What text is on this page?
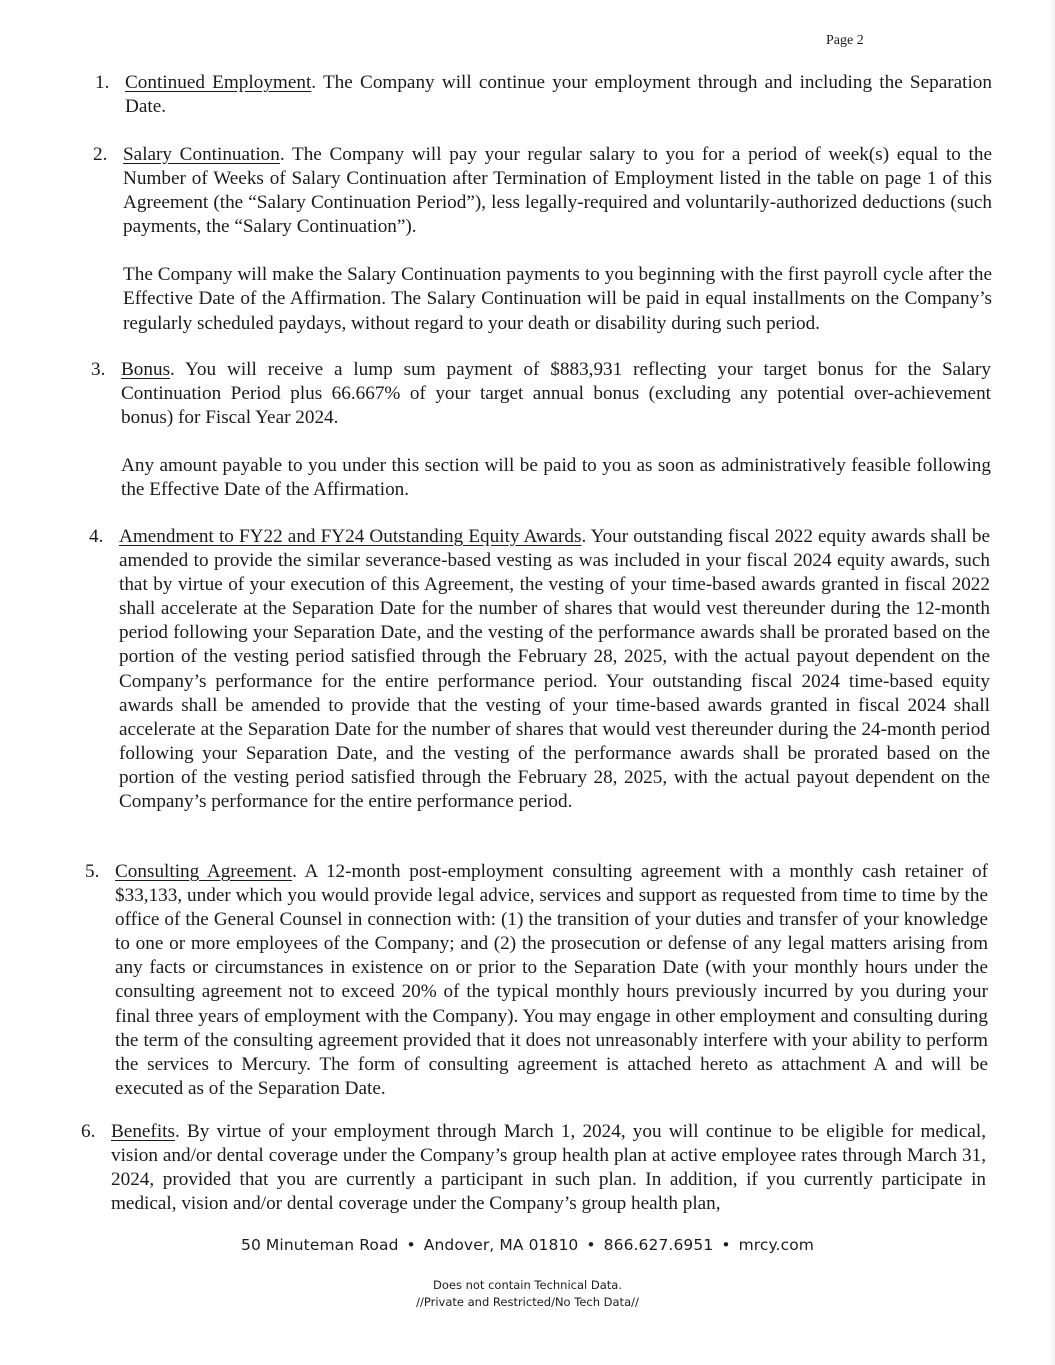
Page 2
1. Continued Employment. The Company will continue your employment through and including the Separation Date.

2. Salary Continuation. The Company will pay your regular salary to you for a period of week(s) equal to the Number of Weeks of Salary Continuation after Termination of Employment listed in the table on page 1 of this Agreement (the “Salary Continuation Period”), less legally-required and voluntarily-authorized deductions (such payments, the “Salary Continuation”).

The Company will make the Salary Continuation payments to you beginning with the first payroll cycle after the Effective Date of the Affirmation. The Salary Continuation will be paid in equal installments on the Company’s regularly scheduled paydays, without regard to your death or disability during such period.

3. Bonus. You will receive a lump sum payment of $883,931 reflecting your target bonus for the Salary Continuation Period plus 66.667% of your target annual bonus (excluding any potential over-achievement bonus) for Fiscal Year 2024.

Any amount payable to you under this section will be paid to you as soon as administratively feasible following the Effective Date of the Affirmation.

4. Amendment to FY22 and FY24 Outstanding Equity Awards. Your outstanding fiscal 2022 equity awards shall be amended to provide the similar severance-based vesting as was included in your fiscal 2024 equity awards, such that by virtue of your execution of this Agreement, the vesting of your time-based awards granted in fiscal 2022 shall accelerate at the Separation Date for the number of shares that would vest thereunder during the 12-month period following your Separation Date, and the vesting of the performance awards shall be prorated based on the portion of the vesting period satisfied through the February 28, 2025, with the actual payout dependent on the Company’s performance for the entire performance period. Your outstanding fiscal 2024 time-based equity awards shall be amended to provide that the vesting of your time-based awards granted in fiscal 2024 shall accelerate at the Separation Date for the number of shares that would vest thereunder during the 24-month period following your Separation Date, and the vesting of the performance awards shall be prorated based on the portion of the vesting period satisfied through the February 28, 2025, with the actual payout dependent on the Company’s performance for the entire performance period.

5. Consulting Agreement. A 12-month post-employment consulting agreement with a monthly cash retainer of $33,133, under which you would provide legal advice, services and support as requested from time to time by the office of the General Counsel in connection with: (1) the transition of your duties and transfer of your knowledge to one or more employees of the Company; and (2) the prosecution or defense of any legal matters arising from any facts or circumstances in existence on or prior to the Separation Date (with your monthly hours under the consulting agreement not to exceed 20% of the typical monthly hours previously incurred by you during your final three years of employment with the Company). You may engage in other employment and consulting during the term of the consulting agreement provided that it does not unreasonably interfere with your ability to perform the services to Mercury. The form of consulting agreement is attached hereto as attachment A and will be executed as of the Separation Date.

6. Benefits. By virtue of your employment through March 1, 2024, you will continue to be eligible for medical, vision and/or dental coverage under the Company’s group health plan at active employee rates through March 31, 2024, provided that you are currently a participant in such plan. In addition, if you currently participate in medical, vision and/or dental coverage under the Company’s group health plan,

50 Minuteman Road • Andover, MA 01810 • 866.627.6951 • mrcy.com
Does not contain Technical Data.
//Private and Restricted/No Tech Data//
